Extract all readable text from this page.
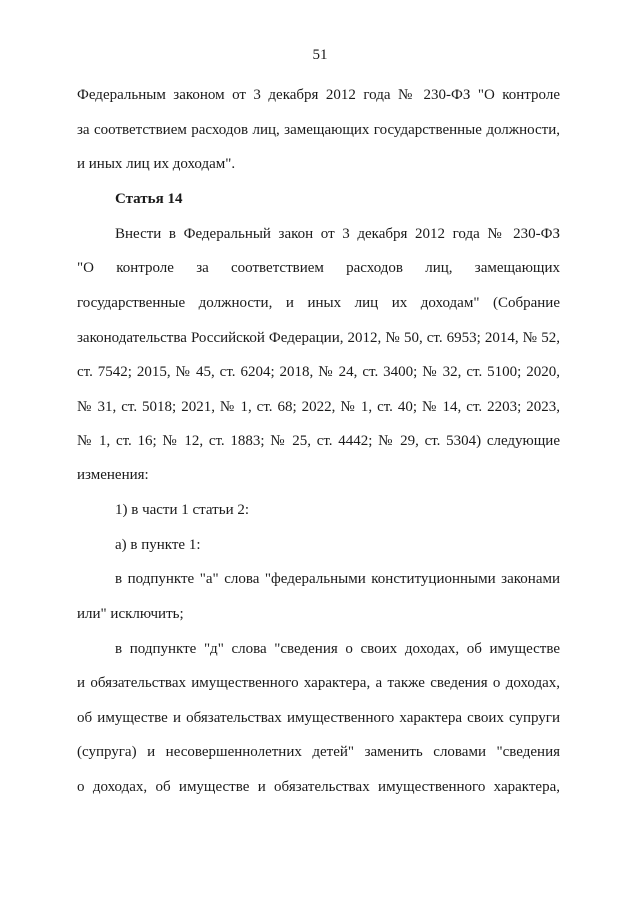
51
Федеральным законом от 3 декабря 2012 года № 230-ФЗ "О контроле
за соответствием расходов лиц, замещающих государственные должности,
и иных лиц их доходам".
Статья 14
Внести в Федеральный закон от 3 декабря 2012 года № 230-ФЗ
"О контроле за соответствием расходов лиц, замещающих
государственные должности, и иных лиц их доходам" (Собрание
законодательства Российской Федерации, 2012, № 50, ст. 6953; 2014, № 52,
ст. 7542; 2015, № 45, ст. 6204; 2018, № 24, ст. 3400; № 32, ст. 5100; 2020,
№ 31, ст. 5018; 2021, № 1, ст. 68; 2022, № 1, ст. 40; № 14, ст. 2203; 2023,
№ 1, ст. 16; № 12, ст. 1883; № 25, ст. 4442; № 29, ст. 5304) следующие
изменения:
1) в части 1 статьи 2:
а) в пункте 1:
в подпункте "а" слова "федеральными конституционными законами
или" исключить;
в подпункте "д" слова "сведения о своих доходах, об имуществе
и обязательствах имущественного характера, а также сведения о доходах,
об имуществе и обязательствах имущественного характера своих супруги
(супруга) и несовершеннолетних детей" заменить словами "сведения
о доходах, об имуществе и обязательствах имущественного характера,
